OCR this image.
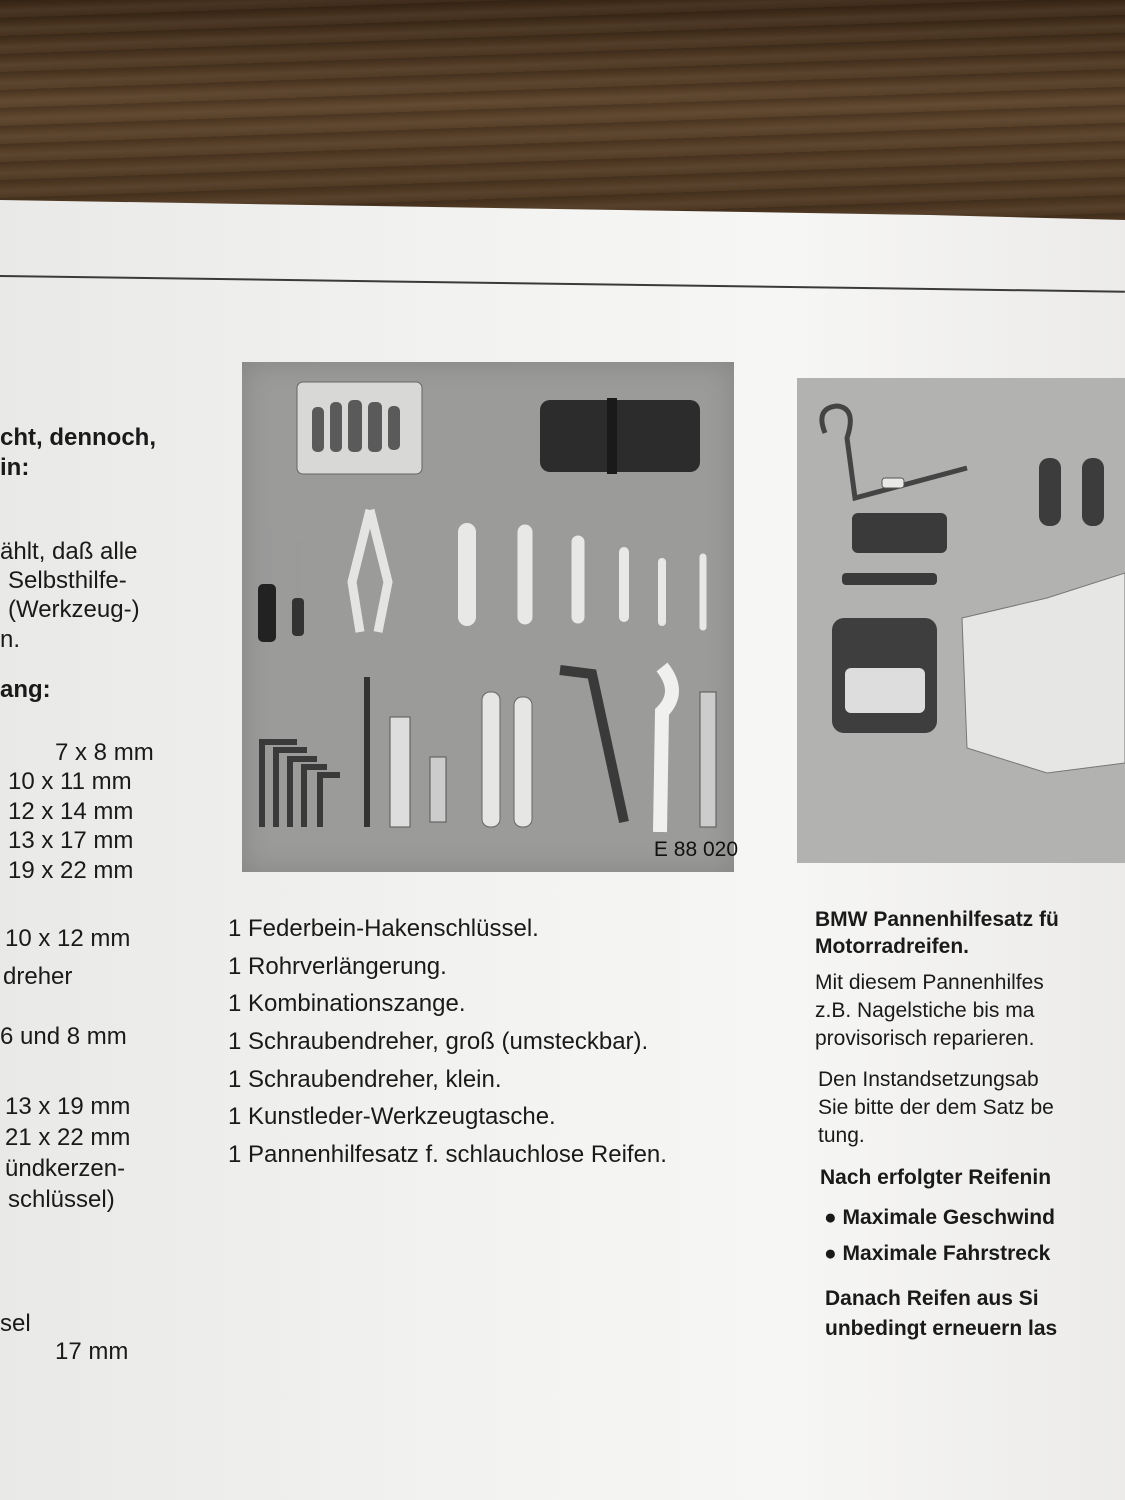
cht, dennoch,
in:
ählt, daß alle
Selbsthilfe-
(Werkzeug-)
n.
ang:
7 x 8 mm
10 x 11 mm
12 x 14 mm
13 x 17 mm
19 x 22 mm
10 x 12 mm
dreher
6 und 8 mm
13 x 19 mm
21 x 22 mm
ündkerzen-
schlüssel)
sel
17 mm
E 88 020
1 Federbein-Hakenschlüssel.
1 Rohrverlängerung.
1 Kombinationszange.
1 Schraubendreher, groß (umsteckbar).
1 Schraubendreher, klein.
1 Kunstleder-Werkzeugtasche.
1 Pannenhilfesatz f. schlauchlose Reifen.
BMW Pannenhilfesatz fü
Motorradreifen.
Mit diesem Pannenhilfes
z.B. Nagelstiche bis ma
provisorisch reparieren.
Den Instandsetzungsab
Sie bitte der dem Satz be
tung.
Nach erfolgter Reifenin
● Maximale Geschwind
● Maximale Fahrstreck
Danach Reifen aus Si
unbedingt erneuern las
